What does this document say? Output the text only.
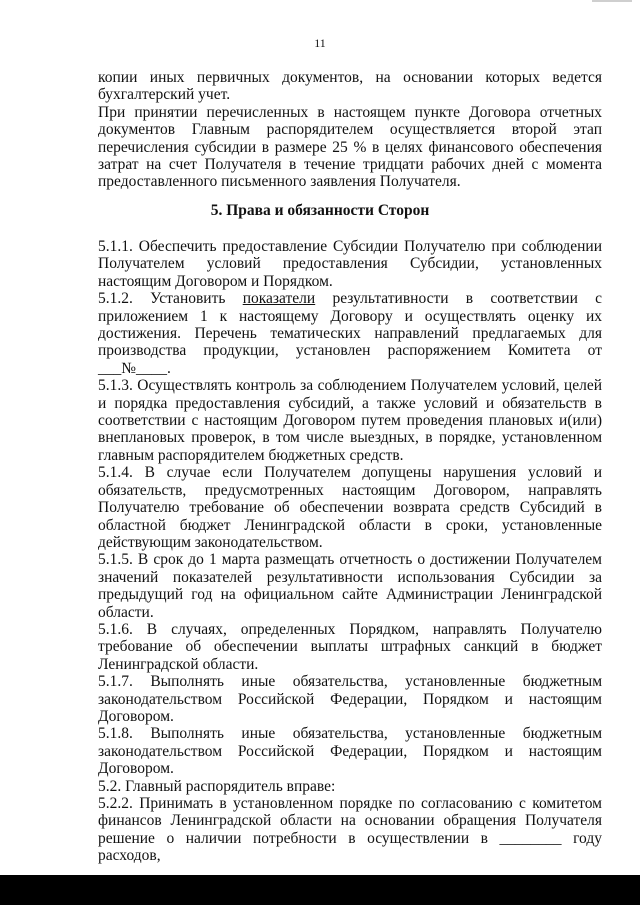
11

копии иных первичных документов, на основании которых ведется бухгалтерский учет.

При принятии перечисленных в настоящем пункте Договора отчетных документов Главным распорядителем осуществляется второй этап перечисления субсидии в размере 25 % в целях финансового обеспечения затрат на счет Получателя в течение тридцати рабочих дней с момента предоставленного письменного заявления Получателя.

5. Права и обязанности Сторон

5.1.1. Обеспечить предоставление Субсидии Получателю при соблюдении Получателем условий предоставления Субсидии, установленных настоящим Договором и Порядком.

5.1.2. Установить показатели результативности в соответствии с приложением 1 к настоящему Договору и осуществлять оценку их достижения. Перечень тематических направлений предлагаемых для производства продукции, установлен распоряжением Комитета от ___№____.

5.1.3. Осуществлять контроль за соблюдением Получателем условий, целей и порядка предоставления субсидий, а также условий и обязательств в соответствии с настоящим Договором путем проведения плановых и(или) внеплановых проверок, в том числе выездных, в порядке, установленном главным распорядителем бюджетных средств.

5.1.4. В случае если Получателем допущены нарушения условий и обязательств, предусмотренных настоящим Договором, направлять Получателю требование об обеспечении возврата средств Субсидий в областной бюджет Ленинградской области в сроки, установленные действующим законодательством.

5.1.5. В срок до 1 марта размещать отчетность о достижении Получателем значений показателей результативности использования Субсидии за предыдущий год на официальном сайте Администрации Ленинградской области.

5.1.6. В случаях, определенных Порядком, направлять Получателю требование об обеспечении выплаты штрафных санкций в бюджет Ленинградской области.

5.1.7. Выполнять иные обязательства, установленные бюджетным законодательством Российской Федерации, Порядком и настоящим Договором.

5.1.8. Выполнять иные обязательства, установленные бюджетным законодательством Российской Федерации, Порядком и настоящим Договором.

5.2. Главный распорядитель вправе:

5.2.2. Принимать в установленном порядке по согласованию с комитетом финансов Ленинградской области на основании обращения Получателя решение о наличии потребности в осуществлении в ________ году расходов,
